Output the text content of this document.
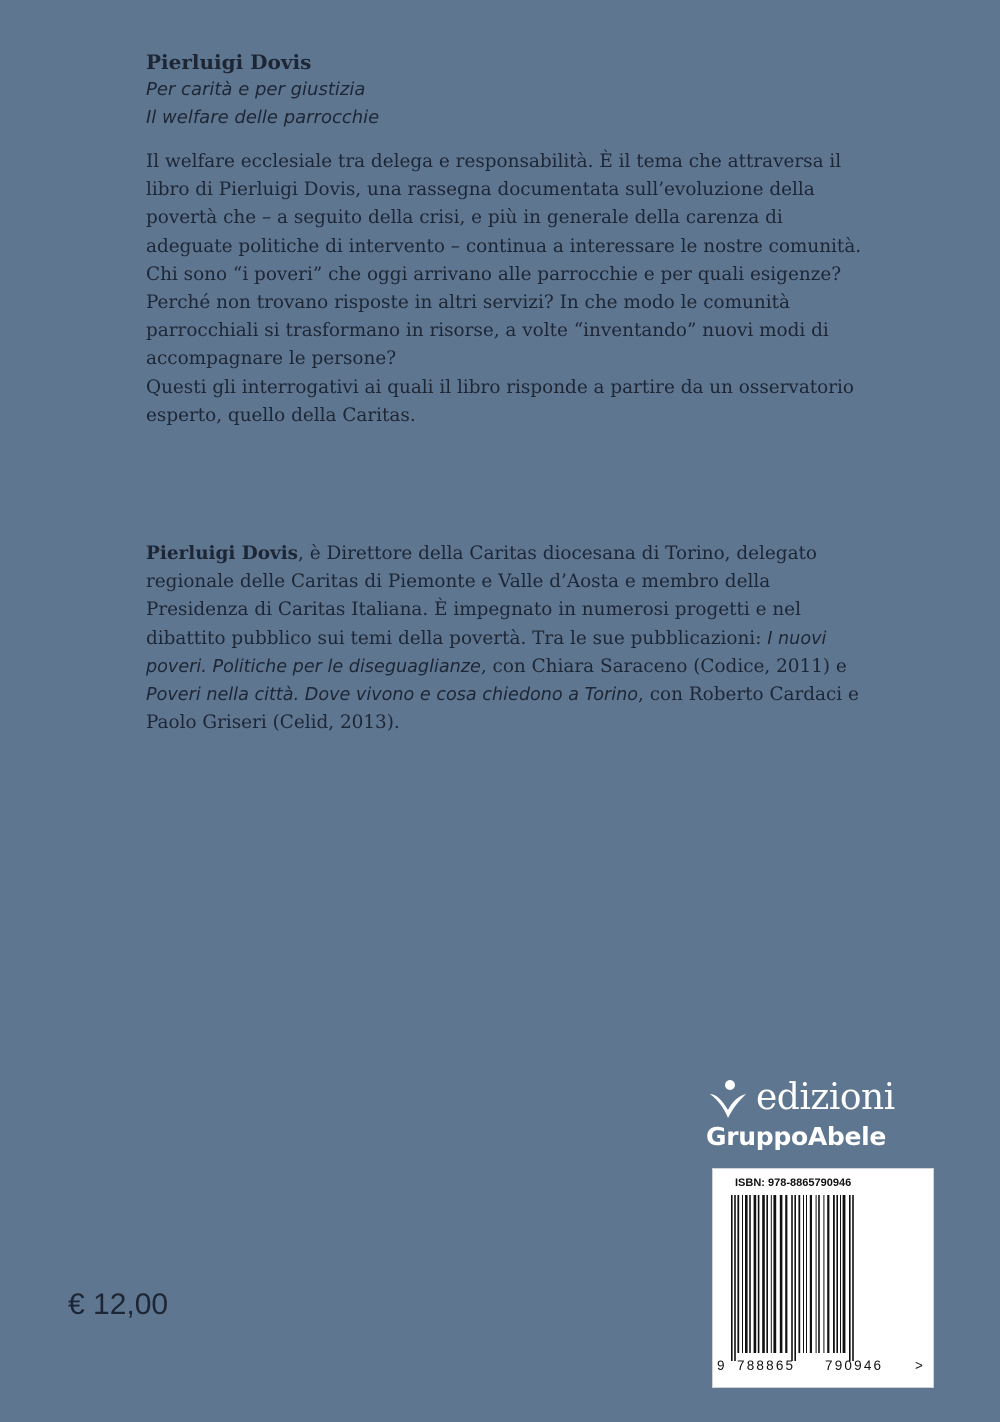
Pierluigi Dovis
Per carità e per giustizia
Il welfare delle parrocchie

Il welfare ecclesiale tra delega e responsabilità. È il tema che attraversa il libro di Pierluigi Dovis, una rassegna documentata sull’evoluzione della povertà che – a seguito della crisi, e più in generale della carenza di adeguate politiche di intervento – continua a interessare le nostre comunità.

Chi sono “i poveri” che oggi arrivano alle parrocchie e per quali esigenze? Perché non trovano risposte in altri servizi? In che modo le comunità parrocchiali si trasformano in risorse, a volte “inventando” nuovi modi di accompagnare le persone?

Questi gli interrogativi ai quali il libro risponde a partire da un osservatorio esperto, quello della Caritas.

Pierluigi Dovis, è Direttore della Caritas diocesana di Torino, delegato regionale delle Caritas di Piemonte e Valle d’Aosta e membro della Presidenza di Caritas Italiana. È impegnato in numerosi progetti e nel dibattito pubblico sui temi della povertà. Tra le sue pubblicazioni: I nuovi poveri. Politiche per le diseguaglianze, con Chiara Saraceno (Codice, 2011) e Poveri nella città. Dove vivono e cosa chiedono a Torino, con Roberto Cardaci e Paolo Griseri (Celid, 2013).
€ 12,00
edizioni
GruppoAbele
ISBN: 978-8865790946
9 788865 790946 >
